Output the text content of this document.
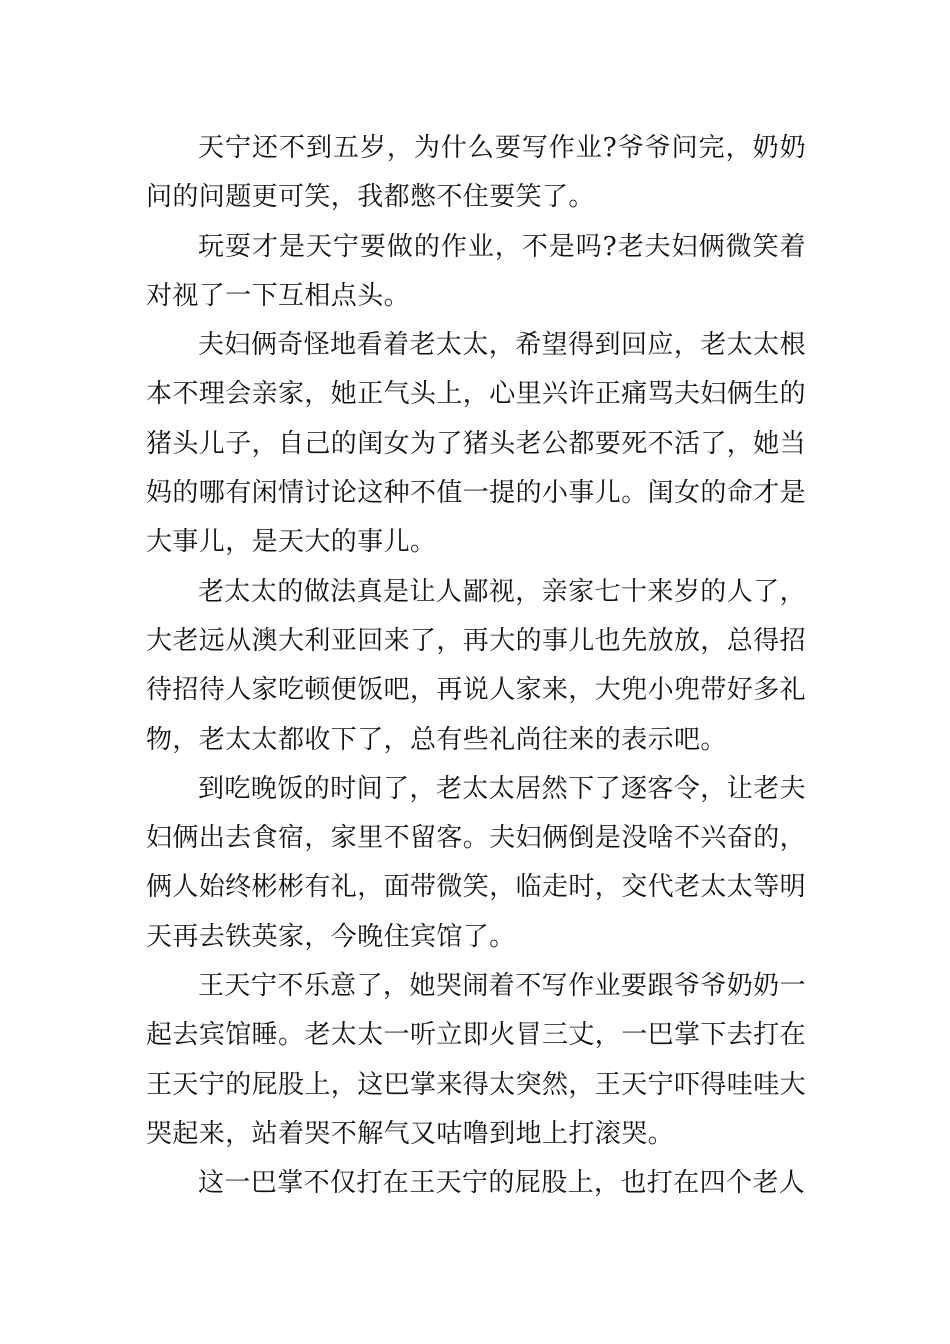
天宁还不到五岁，为什么要写作业?爷爷问完，奶奶问的问题更可笑，我都憋不住要笑了。

玩耍才是天宁要做的作业，不是吗?老夫妇俩微笑着对视了一下互相点头。

夫妇俩奇怪地看着老太太，希望得到回应，老太太根本不理会亲家，她正气头上，心里兴许正痛骂夫妇俩生的猪头儿子，自己的闺女为了猪头老公都要死不活了，她当妈的哪有闲情讨论这种不值一提的小事儿。闺女的命才是大事儿，是天大的事儿。

老太太的做法真是让人鄙视，亲家七十来岁的人了，大老远从澳大利亚回来了，再大的事儿也先放放，总得招待招待人家吃顿便饭吧，再说人家来，大兜小兜带好多礼物，老太太都收下了，总有些礼尚往来的表示吧。

到吃晚饭的时间了，老太太居然下了逐客令，让老夫妇俩出去食宿，家里不留客。夫妇俩倒是没啥不兴奋的，俩人始终彬彬有礼，面带微笑，临走时，交代老太太等明天再去铁英家，今晚住宾馆了。

王天宁不乐意了，她哭闹着不写作业要跟爷爷奶奶一起去宾馆睡。老太太一听立即火冒三丈，一巴掌下去打在王天宁的屁股上，这巴掌来得太突然，王天宁吓得哇哇大哭起来，站着哭不解气又咕噜到地上打滚哭。

这一巴掌不仅打在王天宁的屁股上，也打在四个老人
